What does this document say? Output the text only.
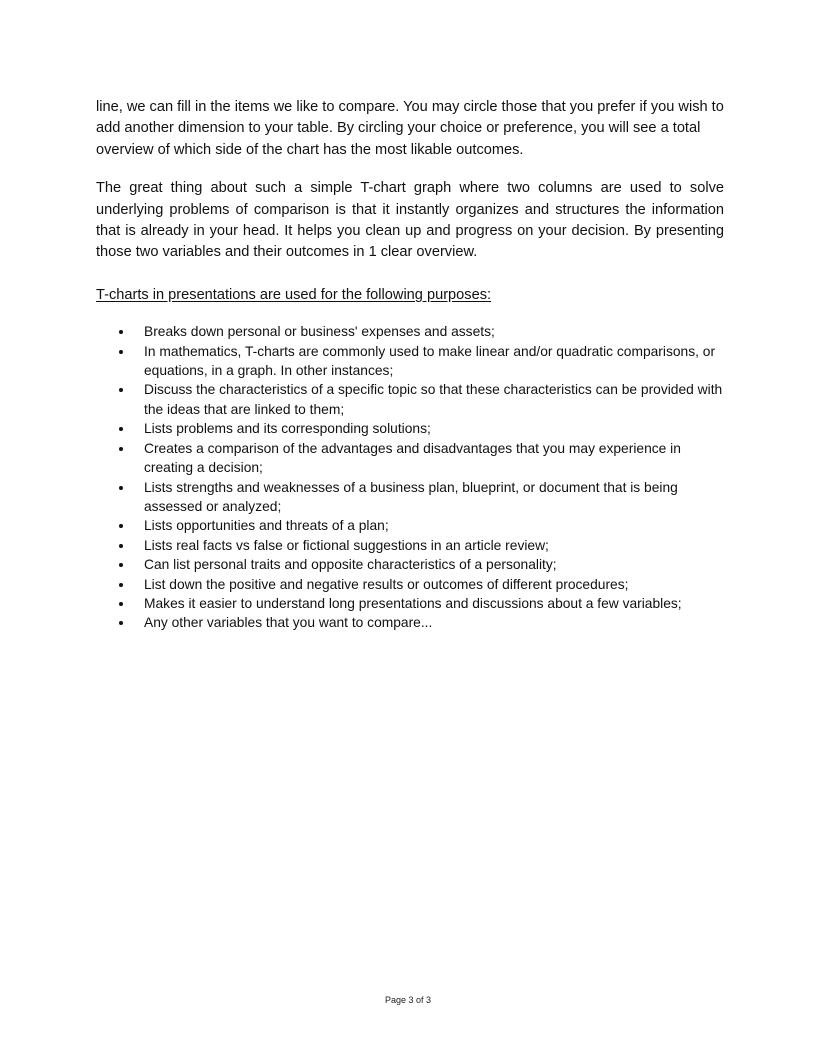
line, we can fill in the items we like to compare. You may circle those that you prefer if you wish to add another dimension to your table. By circling your choice or preference, you will see a total overview of which side of the chart has the most likable outcomes.

The great thing about such a simple T-chart graph where two columns are used to solve underlying problems of comparison is that it instantly organizes and structures the information that is already in your head. It helps you clean up and progress on your decision. By presenting those two variables and their outcomes in 1 clear overview.

T-charts in presentations are used for the following purposes:

Breaks down personal or business' expenses and assets;
In mathematics, T-charts are commonly used to make linear and/or quadratic comparisons, or equations, in a graph. In other instances;
Discuss the characteristics of a specific topic so that these characteristics can be provided with the ideas that are linked to them;
Lists problems and its corresponding solutions;
Creates a comparison of the advantages and disadvantages that you may experience in creating a decision;
Lists strengths and weaknesses of a business plan, blueprint, or document that is being assessed or analyzed;
Lists opportunities and threats of a plan;
Lists real facts vs false or fictional suggestions in an article review;
Can list personal traits and opposite characteristics of a personality;
List down the positive and negative results or outcomes of different procedures;
Makes it easier to understand long presentations and discussions about a few variables;
Any other variables that you want to compare...
Page 3 of 3
